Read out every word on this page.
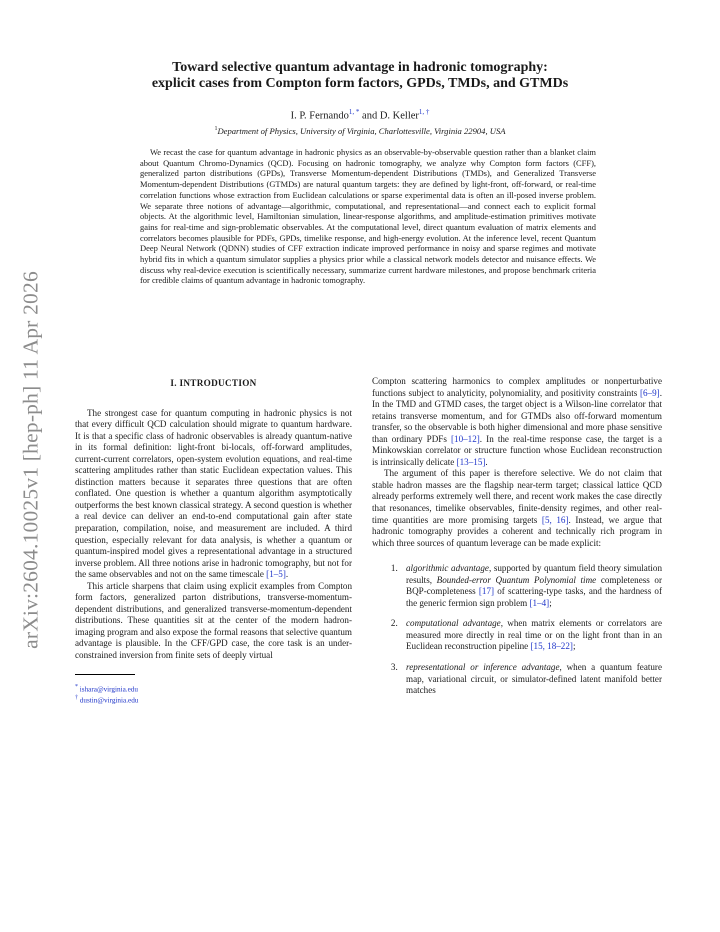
arXiv:2604.10025v1 [hep-ph] 11 Apr 2026
Toward selective quantum advantage in hadronic tomography:
explicit cases from Compton form factors, GPDs, TMDs, and GTMDs
I. P. Fernando$^{1, *}$ and D. Keller$^{1, \dagger}$
$^1$Department of Physics, University of Virginia, Charlottesville, Virginia 22904, USA

We recast the case for quantum advantage in hadronic physics as an observable-by-observable question rather than a blanket claim about Quantum Chromo-Dynamics (QCD). Focusing on hadronic tomography, we analyze why Compton form factors (CFF), generalized parton distributions (GPDs), Transverse Momentum-dependent Distributions (TMDs), and Generalized Transverse Momentum-dependent Distributions (GTMDs) are natural quantum targets: they are defined by light-front, off-forward, or real-time correlation functions whose extraction from Euclidean calculations or sparse experimental data is often an ill-posed inverse problem. We separate three notions of advantage—algorithmic, computational, and representational—and connect each to explicit formal objects. At the algorithmic level, Hamiltonian simulation, linear-response algorithms, and amplitude-estimation primitives motivate gains for real-time and sign-problematic observables. At the computational level, direct quantum evaluation of matrix elements and correlators becomes plausible for PDFs, GPDs, timelike response, and high-energy evolution. At the inference level, recent Quantum Deep Neural Network (QDNN) studies of CFF extraction indicate improved performance in noisy and sparse regimes and motivate hybrid fits in which a quantum simulator supplies a physics prior while a classical network models detector and nuisance effects. We discuss why real-device execution is scientifically necessary, summarize current hardware milestones, and propose benchmark criteria for credible claims of quantum advantage in hadronic tomography.

I. INTRODUCTION

The strongest case for quantum computing in hadronic physics is not that every difficult QCD calculation should migrate to quantum hardware. It is that a specific class of hadronic observables is already quantum-native in its formal definition: light-front bi-locals, off-forward amplitudes, current-current correlators, open-system evolution equations, and real-time scattering amplitudes rather than static Euclidean expectation values. This distinction matters because it separates three questions that are often conflated. One question is whether a quantum algorithm asymptotically outperforms the best known classical strategy. A second question is whether a real device can deliver an end-to-end computational gain after state preparation, compilation, noise, and measurement are included. A third question, especially relevant for data analysis, is whether a quantum or quantum-inspired model gives a representational advantage in a structured inverse problem. All three notions arise in hadronic tomography, but not for the same observables and not on the same timescale [1–5].

This article sharpens that claim using explicit examples from Compton form factors, generalized parton distributions, transverse-momentum-dependent distributions, and generalized transverse-momentum-dependent distributions. These quantities sit at the center of the modern hadron-imaging program and also expose the formal reasons that selective quantum advantage is plausible. In the CFF/GPD case, the core task is an under-constrained inversion from finite sets of deeply virtual

* ishara@virginia.edu
† dustin@virginia.edu

Compton scattering harmonics to complex amplitudes or nonperturbative functions subject to analyticity, polynomiality, and positivity constraints [6–9]. In the TMD and GTMD cases, the target object is a Wilson-line correlator that retains transverse momentum, and for GTMDs also off-forward momentum transfer, so the observable is both higher dimensional and more phase sensitive than ordinary PDFs [10–12]. In the real-time response case, the target is a Minkowskian correlator or structure function whose Euclidean reconstruction is intrinsically delicate [13–15].

The argument of this paper is therefore selective. We do not claim that stable hadron masses are the flagship near-term target; classical lattice QCD already performs extremely well there, and recent work makes the case directly that resonances, timelike observables, finite-density regimes, and other real-time quantities are more promising targets [5, 16]. Instead, we argue that hadronic tomography provides a coherent and technically rich program in which three sources of quantum leverage can be made explicit:

1. algorithmic advantage, supported by quantum field theory simulation results, Bounded-error Quantum Polynomial time completeness or BQP-completeness [17] of scattering-type tasks, and the hardness of the generic fermion sign problem [1–4];
2. computational advantage, when matrix elements or correlators are measured more directly in real time or on the light front than in an Euclidean reconstruction pipeline [15, 18–22];
3. representational or inference advantage, when a quantum feature map, variational circuit, or simulator-defined latent manifold better matches
